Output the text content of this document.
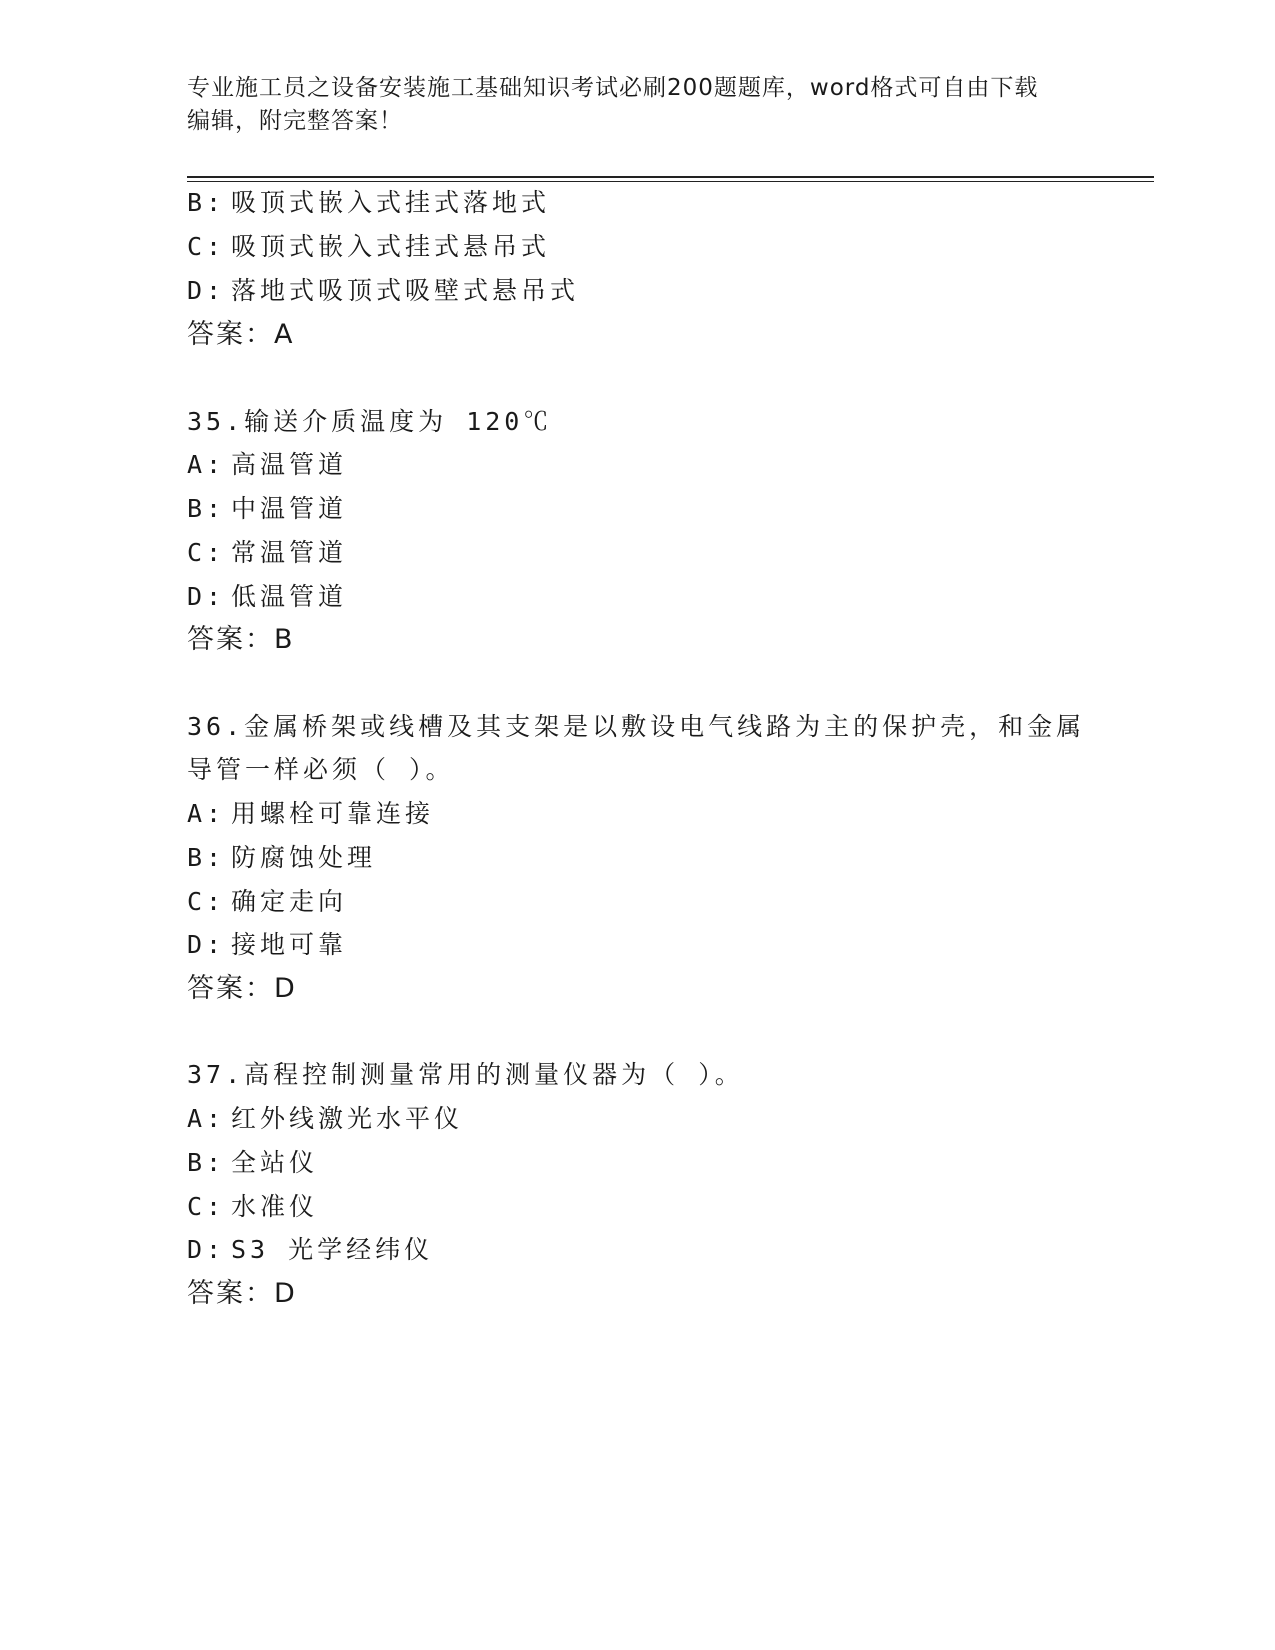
专业施工员之设备安装施工基础知识考试必刷200题题库，word格式可自由下载
编辑，附完整答案！
B: 吸顶式嵌入式挂式落地式
C: 吸顶式嵌入式挂式悬吊式
D: 落地式吸顶式吸壁式悬吊式
答案：A
35.输送介质温度为 120℃
A: 高温管道
B: 中温管道
C: 常温管道
D: 低温管道
答案：B
36.金属桥架或线槽及其支架是以敷设电气线路为主的保护壳，和金属
导管一样必须（ ）。
A: 用螺栓可靠连接
B: 防腐蚀处理
C: 确定走向
D: 接地可靠
答案：D
37.高程控制测量常用的测量仪器为（ ）。
A: 红外线激光水平仪
B: 全站仪
C: 水准仪
D: S3 光学经纬仪
答案：D
